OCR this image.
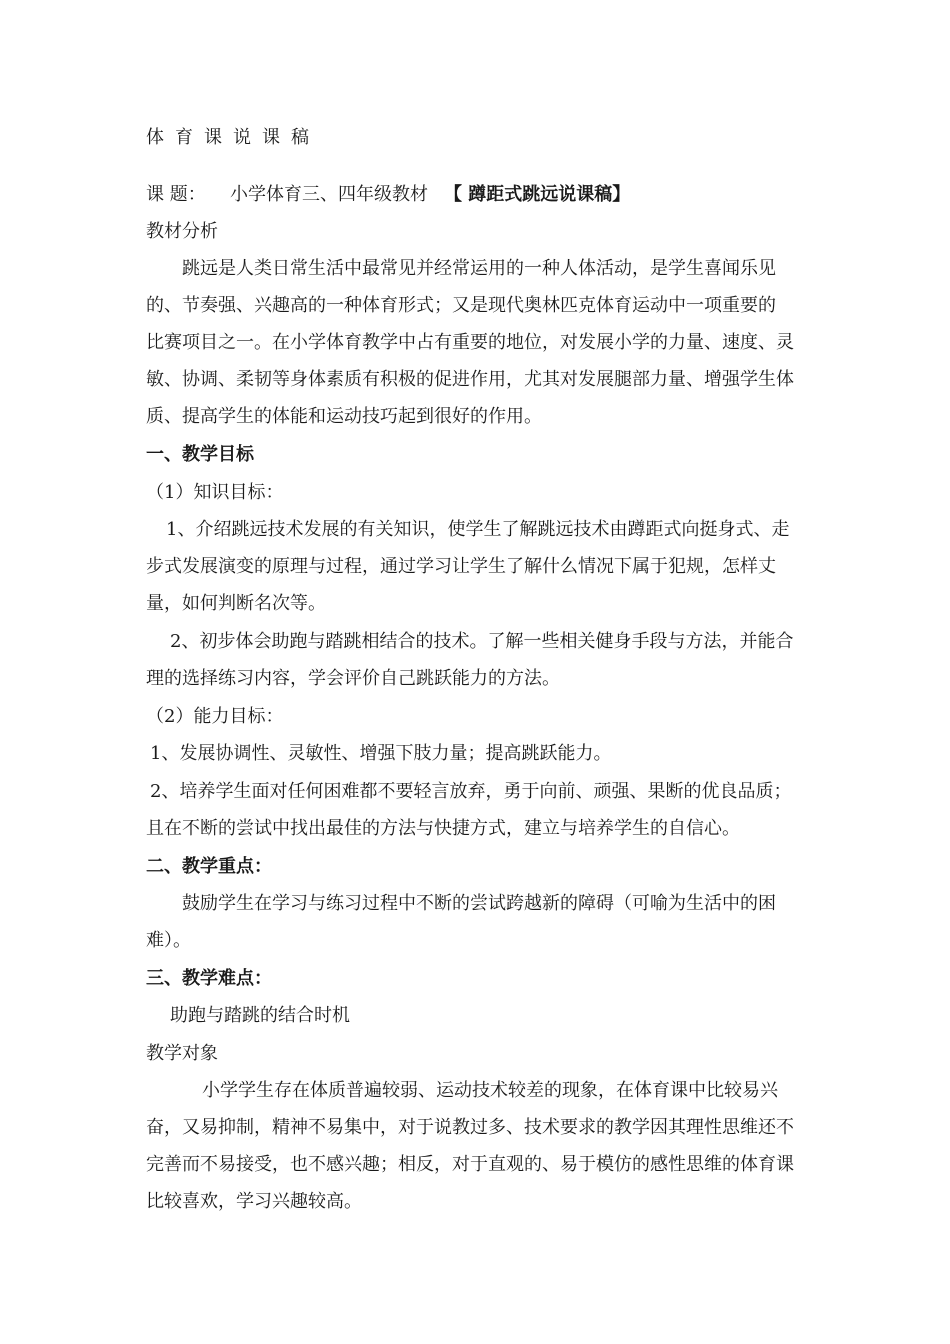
体育课说课稿
课 题： 小学体育三、四年级教材 【 蹲距式跳远说课稿】
教材分析
跳远是人类日常生活中最常见并经常运用的一种人体活动，是学生喜闻乐见
的、节奏强、兴趣高的一种体育形式；又是现代奥林匹克体育运动中一项重要的
比赛项目之一。在小学体育教学中占有重要的地位，对发展小学的力量、速度、灵
敏、协调、柔韧等身体素质有积极的促进作用，尤其对发展腿部力量、增强学生体
质、提高学生的体能和运动技巧起到很好的作用。
一、教学目标
（1）知识目标：
1、介绍跳远技术发展的有关知识，使学生了解跳远技术由蹲距式向挺身式、走
步式发展演变的原理与过程，通过学习让学生了解什么情况下属于犯规，怎样丈
量，如何判断名次等。
2、初步体会助跑与踏跳相结合的技术。了解一些相关健身手段与方法，并能合
理的选择练习内容，学会评价自己跳跃能力的方法。
（2）能力目标：
1、发展协调性、灵敏性、增强下肢力量；提高跳跃能力。
2、培养学生面对任何困难都不要轻言放弃，勇于向前、顽强、果断的优良品质；
且在不断的尝试中找出最佳的方法与快捷方式，建立与培养学生的自信心。
二、教学重点：
鼓励学生在学习与练习过程中不断的尝试跨越新的障碍（可喻为生活中的困
难）。
三、教学难点：
助跑与踏跳的结合时机
教学对象
小学学生存在体质普遍较弱、运动技术较差的现象，在体育课中比较易兴
奋，又易抑制，精神不易集中，对于说教过多、技术要求的教学因其理性思维还不
完善而不易接受，也不感兴趣；相反，对于直观的、易于模仿的感性思维的体育课
比较喜欢，学习兴趣较高。
